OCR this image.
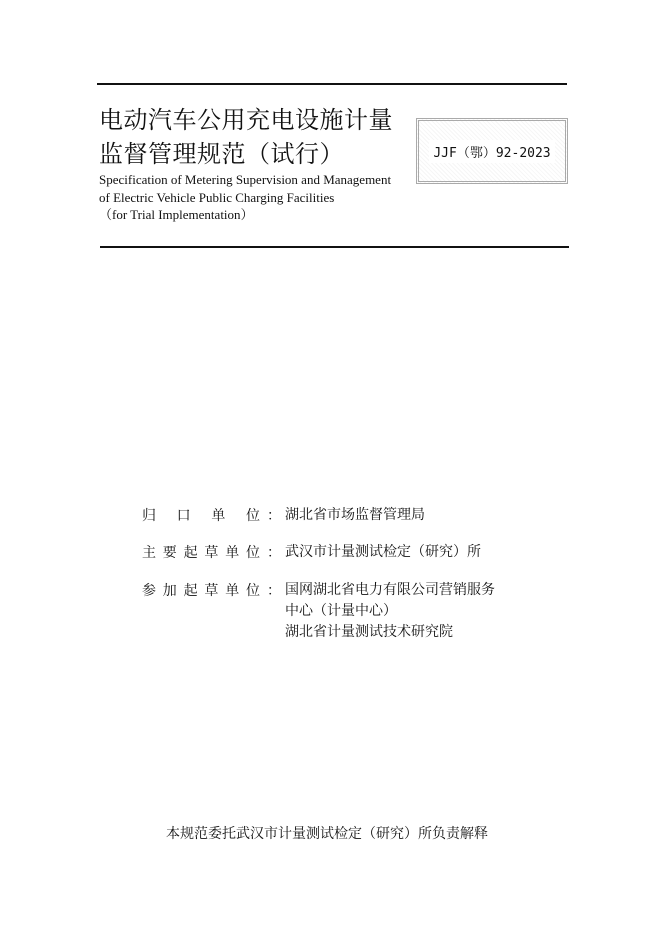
电动汽车公用充电设施计量
监督管理规范（试行）
Specification of Metering Supervision and Management
of Electric Vehicle Public Charging Facilities
（for Trial Implementation）
JJF（鄂）92-2023
归 口 单 位 ： 湖北省市场监督管理局
主 要 起 草 单 位 ： 武汉市计量测试检定（研究）所
参 加 起 草 单 位 ： 国网湖北省电力有限公司营销服务
中心（计量中心）
湖北省计量测试技术研究院
本规范委托武汉市计量测试检定（研究）所负责解释
